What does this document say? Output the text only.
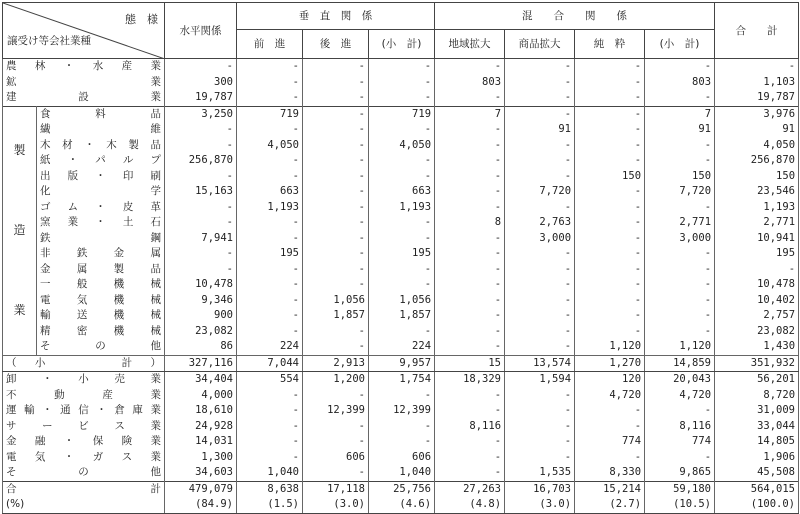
態　様
譲受け等会社業種		水平関係	垂　直　関　係			混　　合　　関　　係				合　　計
			前　進	後　進	(小　計)	地域拡大	商品拡大	純　粋	(小　計)	
農林・水産業		-	-	-	-	-	-	-	-	-
鉱業		300	-	-	-	803	-	-	803	1,103
建設業		19,787	-	-	-	-	-	-	-	19,787

製
造
業	食料品	3,250	719	-	719	7	-	-	7	3,976
	繊維	-	-	-	-	-	91	-	91	91
	木材・木製品	-	4,050	-	4,050	-	-	-	-	4,050
	紙・パルプ	256,870	-	-	-	-	-	-	-	256,870
	出版・印刷	-	-	-	-	-	-	150	150	150
	化学	15,163	663	-	663	-	7,720	-	7,720	23,546
	ゴム・皮革	-	1,193	-	1,193	-	-	-	-	1,193
	窯業・土石	-	-	-	-	8	2,763	-	2,771	2,771
	鉄鋼	7,941	-	-	-	-	3,000	-	3,000	10,941
	非鉄金属	-	195	-	195	-	-	-	-	195
	金属製品	-	-	-	-	-	-	-	-	-
	一般機械	10,478	-	-	-	-	-	-	-	10,478
	電気機械	9,346	-	1,056	1,056	-	-	-	-	10,402
	輸送機械	900	-	1,857	1,857	-	-	-	-	2,757
	精密機械	23,082	-	-	-	-	-	-	-	23,082
	その他	86	224	-	224	-	-	1,120	1,120	1,430
（小　　計）		327,116	7,044	2,913	9,957	15	13,574	1,270	14,859	351,932
卸・小売業		34,404	554	1,200	1,754	18,329	1,594	120	20,043	56,201
不動産業		4,000	-	-	-	-	-	4,720	4,720	8,720
運輸・通信・倉庫業		18,610	-	12,399	12,399	-	-	-	-	31,009
サービス業		24,928	-	-	-	8,116	-	-	8,116	33,044
金融・保険業		14,031	-	-	-	-	-	774	774	14,805
電気・ガス業		1,300	-	606	606	-	-	-	-	1,906
その他		34,603	1,040	-	1,040	-	1,535	8,330	9,865	45,508
合計		479,079	8,638	17,118	25,756	27,263	16,703	15,214	59,180	564,015
(%)		(84.9)	(1.5)	(3.0)	(4.6)	(4.8)	(3.0)	(2.7)	(10.5)	(100.0)
